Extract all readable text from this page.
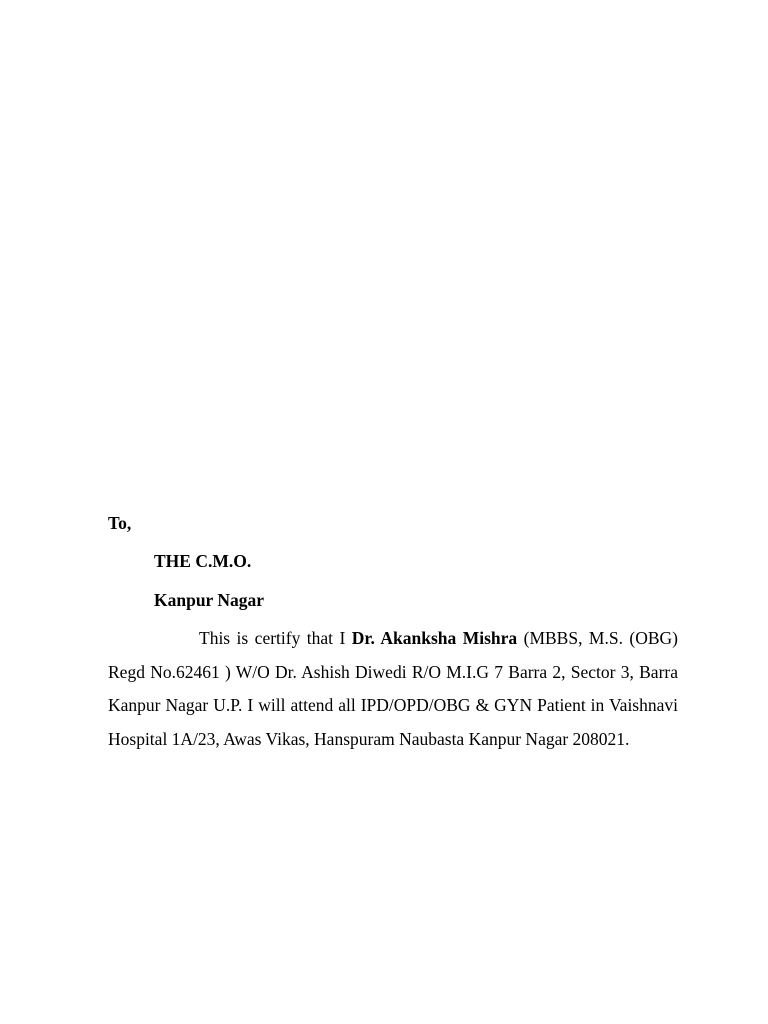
To,

THE C.M.O.

Kanpur Nagar

This is certify that I Dr. Akanksha Mishra (MBBS, M.S. (OBG) Regd No.62461 ) W/O Dr. Ashish Diwedi R/O M.I.G 7 Barra 2, Sector 3, Barra Kanpur Nagar U.P. I will attend all IPD/OPD/OBG & GYN Patient in Vaishnavi Hospital 1A/23, Awas Vikas, Hanspuram Naubasta Kanpur Nagar 208021.
